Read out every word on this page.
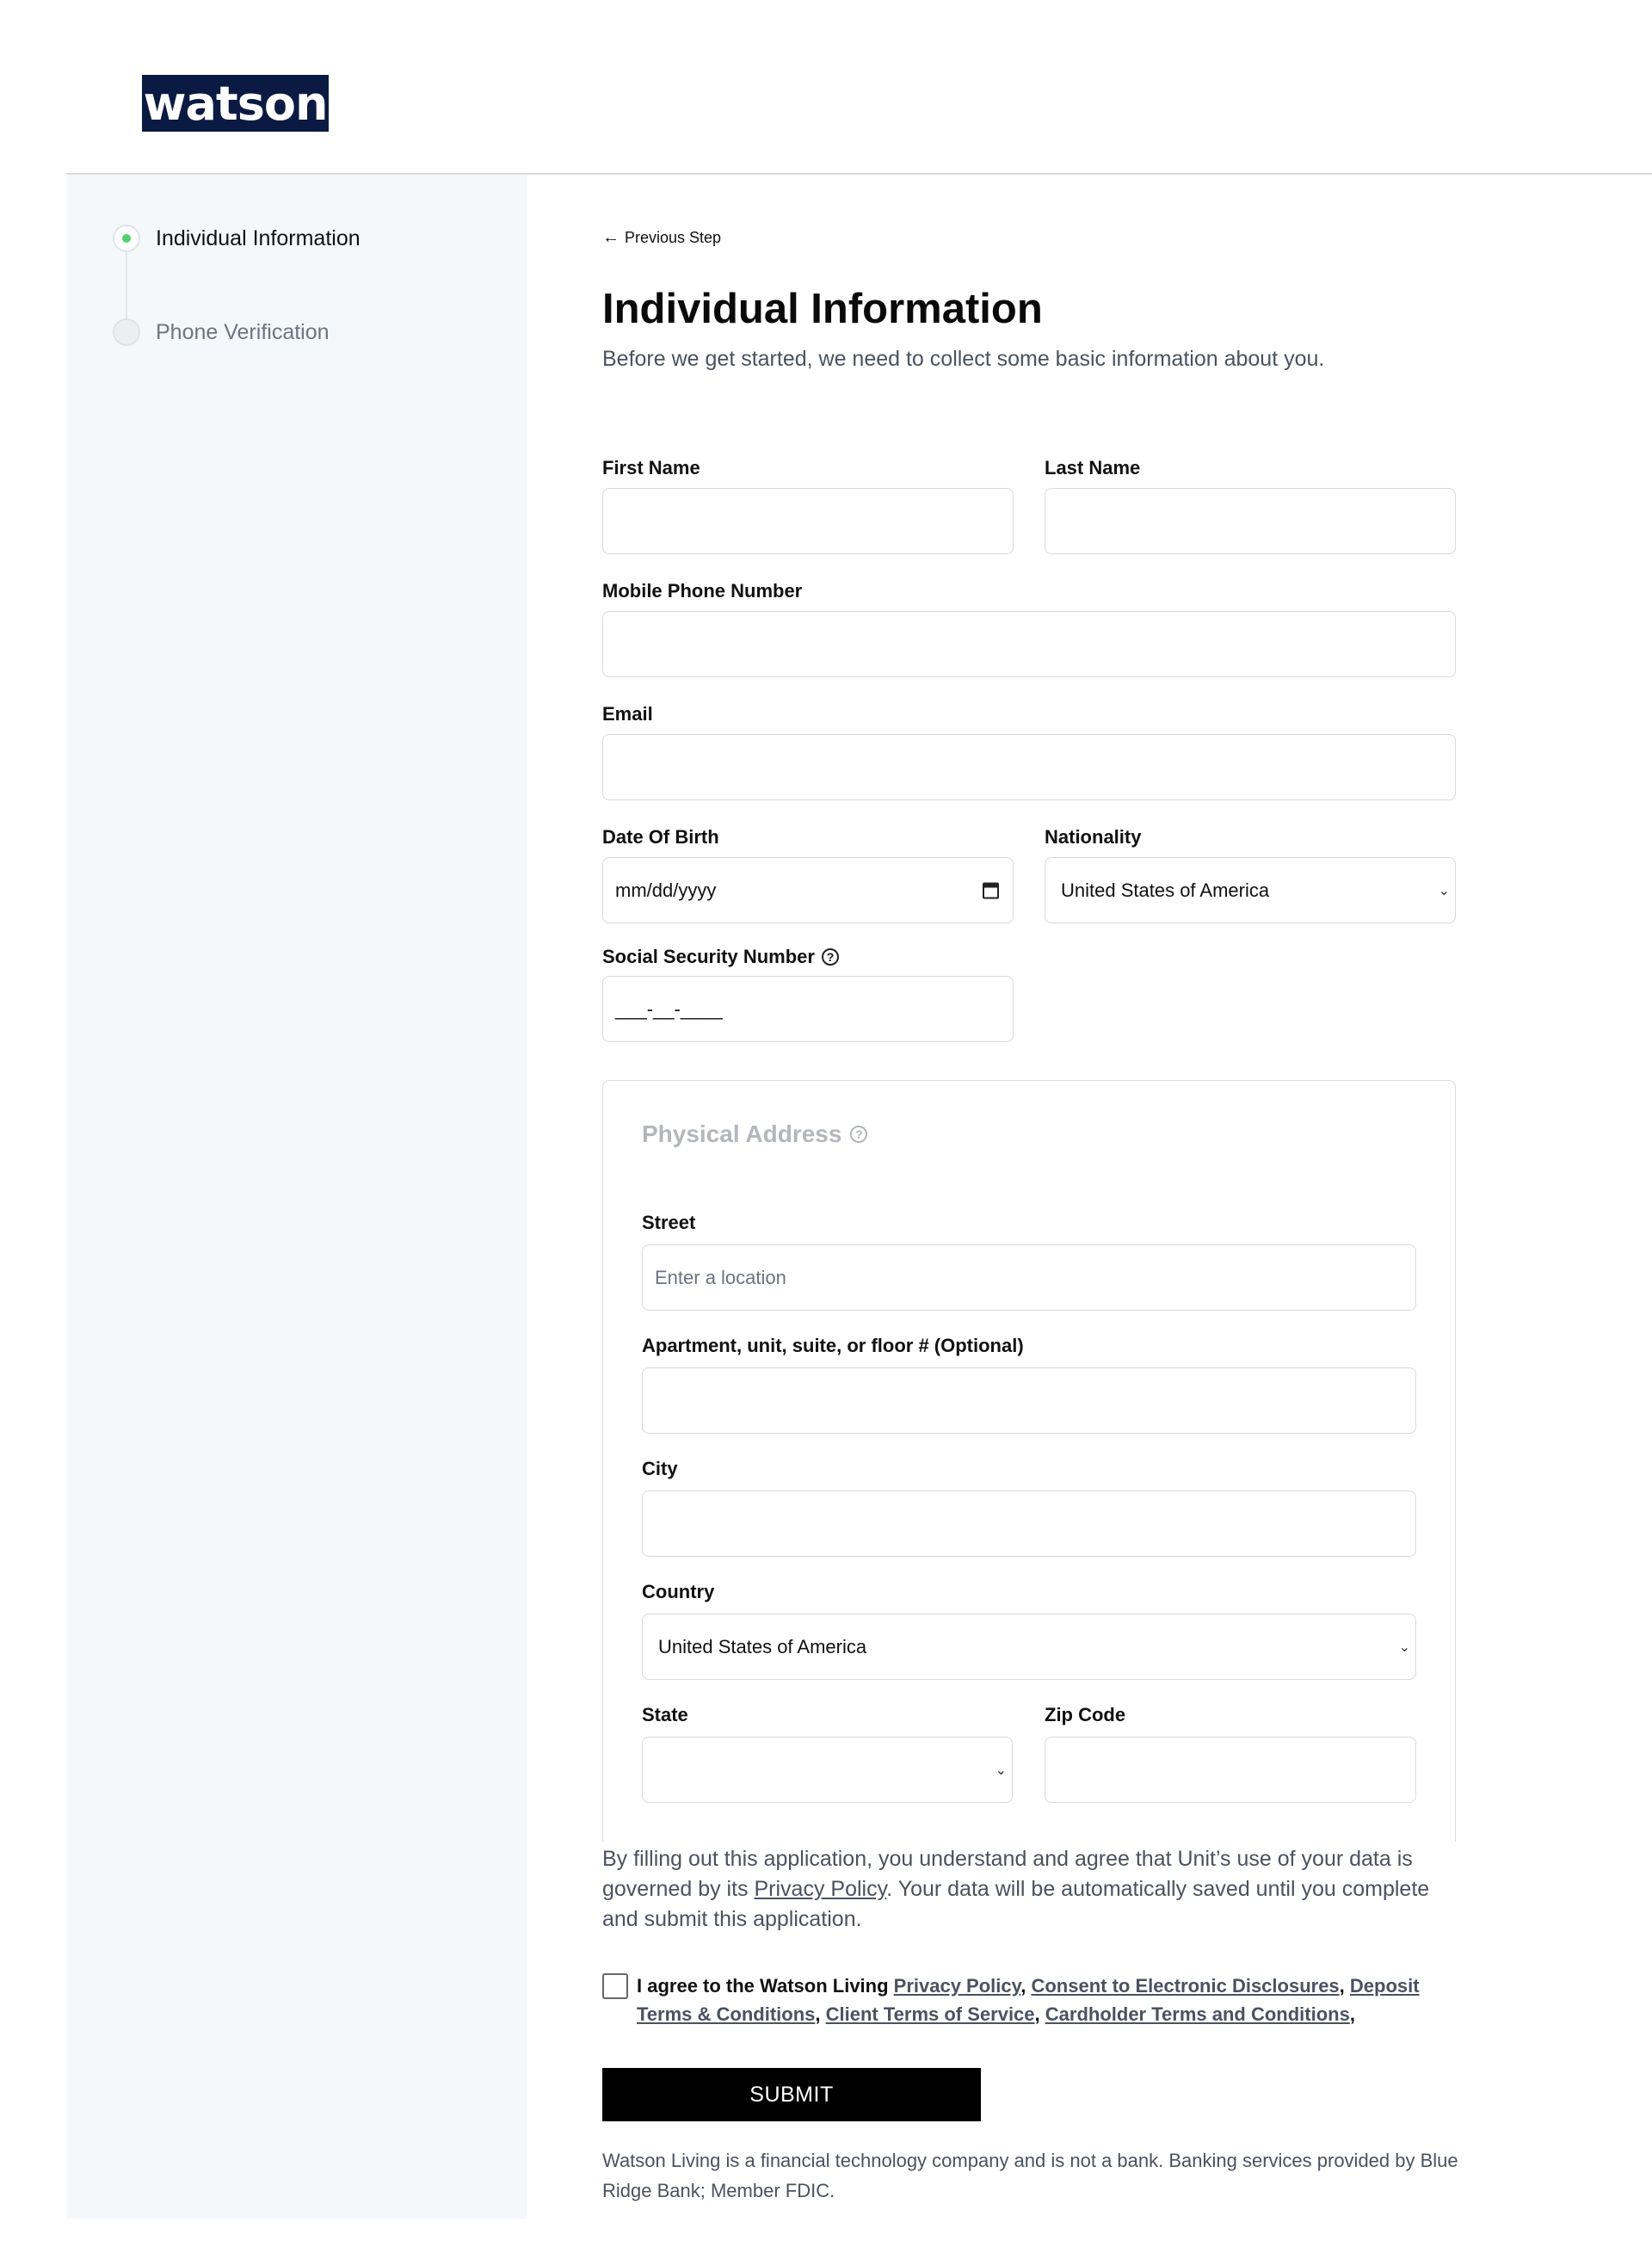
watson
Individual Information
Phone Verification
← Previous Step
Individual Information
Before we get started, we need to collect some basic information about you.
First Name	Last Name
Mobile Phone Number
Email
Date Of Birth
mm/dd/yyyy
Nationality
United States of America	⌄
Social Security Number ?
___-__-____
Physical Address	?
Street
Enter a location
Apartment, unit, suite, or floor # (Optional)
City
Country
United States of America	⌄
State
⌄
Zip Code
By filling out this application, you understand and agree that Unit’s use of your data is governed by its Privacy Policy. Your data will be automatically saved until you complete and submit this application.
I agree to the Watson Living Privacy Policy, Consent to Electronic Disclosures, Deposit Terms & Conditions, Client Terms of Service, Cardholder Terms and Conditions,
SUBMIT
Watson Living is a financial technology company and is not a bank. Banking services provided by Blue Ridge Bank; Member FDIC.
